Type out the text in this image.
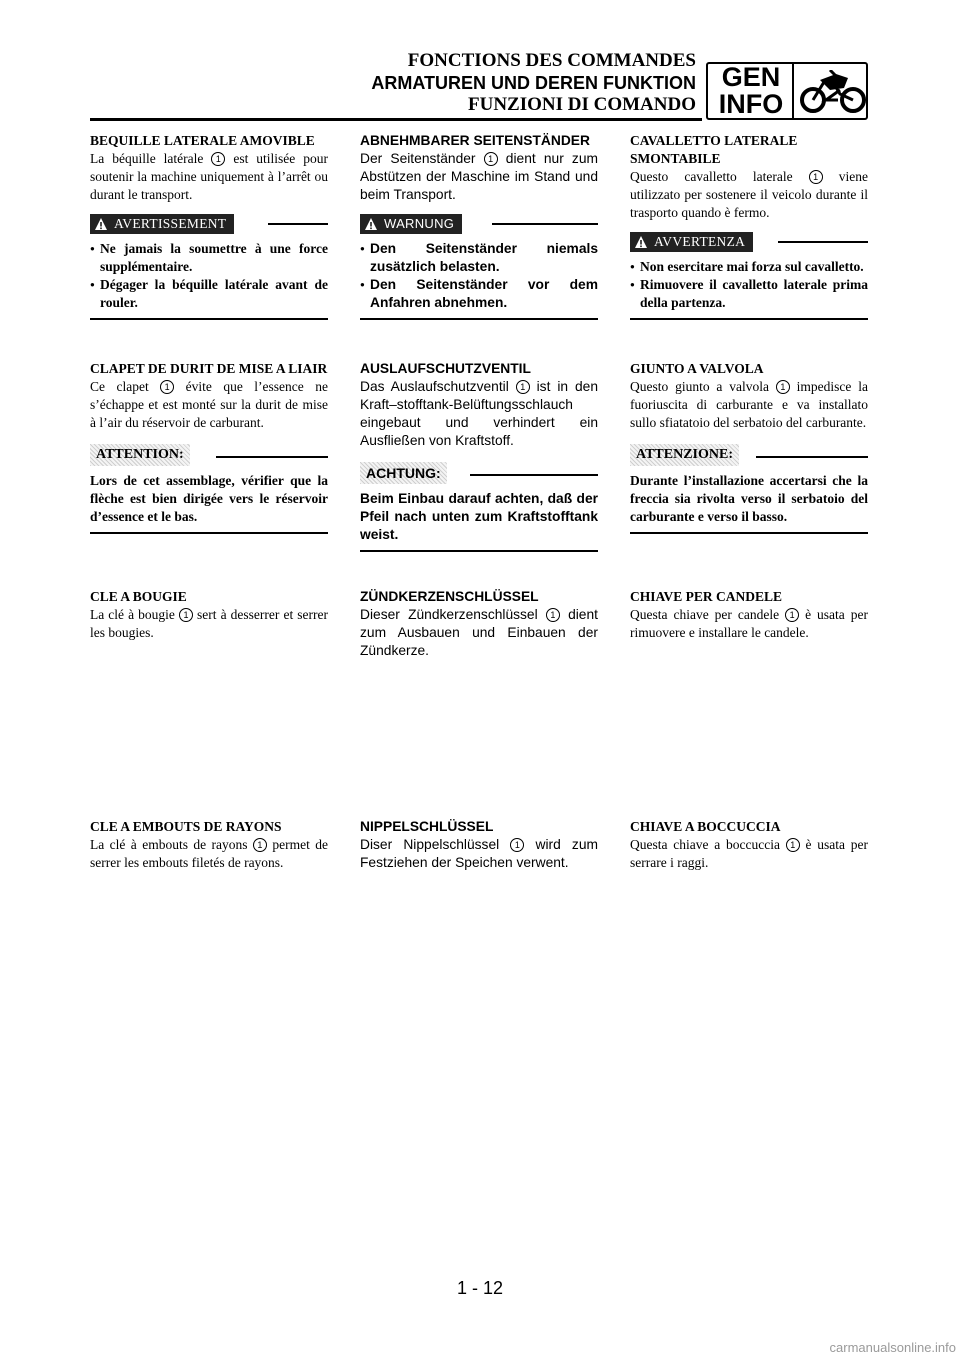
FONCTIONS DES COMMANDES
ARMATUREN UND DEREN FUNKTION
FUNZIONI DI COMANDO
GEN
INFO
BEQUILLE LATERALE AMOVIBLE
La béquille latérale 1 est utilisée pour soutenir la machine uniquement à l’arrêt ou durant le transport.
AVERTISSEMENT
● Ne jamais la soumettre à une force supplémentaire.
● Dégager la béquille latérale avant de rouler.
CLAPET DE DURIT DE MISE A LIAIR
Ce clapet 1 évite que l’essence ne s’échappe et est monté sur la durit de mise à l’air du réservoir de carburant.
ATTENTION:
Lors de cet assemblage, vérifier que la flèche est bien dirigée vers le réservoir d’essence et le bas.
CLE A BOUGIE
La clé à bougie 1 sert à desserrer et serrer les bougies.
CLE A EMBOUTS DE RAYONS
La clé à embouts de rayons 1 permet de serrer les embouts filetés de rayons.
ABNEHMBARER SEITENSTÄNDER
Der Seitenständer 1 dient nur zum Abstützen der Maschine im Stand und beim Transport.
WARNUNG
● Den Seitenständer niemals zusätzlich belasten.
● Den Seitenständer vor dem Anfahren abnehmen.
AUSLAUFSCHUTZVENTIL
Das Auslaufschutzventil 1 ist in den Kraft–stofftank-Belüftungsschlauch eingebaut und verhindert ein Ausfließen von Kraftstoff.
ACHTUNG:
Beim Einbau darauf achten, daß der Pfeil nach unten zum Kraftstofftank weist.
ZÜNDKERZENSCHLÜSSEL
Dieser Zündkerzenschlüssel 1 dient zum Ausbauen und Einbauen der Zündkerze.
NIPPELSCHLÜSSEL
Diser Nippelschlüssel 1 wird zum Festziehen der Speichen verwent.
CAVALLETTO LATERALE SMONTABILE
Questo cavalletto laterale 1 viene utilizzato per sostenere il veicolo durante il trasporto quando è fermo.
AVVERTENZA
● Non esercitare mai forza sul cavalletto.
● Rimuovere il cavalletto laterale prima della partenza.
GIUNTO A VALVOLA
Questo giunto a valvola 1 impedisce la fuoriuscita di carburante e va installato sullo sfiatatoio del serbatoio del carburante.
ATTENZIONE:
Durante l’installazione accertarsi che la freccia sia rivolta verso il serbatoio del carburante e verso il basso.
CHIAVE PER CANDELE
Questa chiave per candele 1 è usata per rimuovere e installare le candele.
CHIAVE A BOCCUCCIA
Questa chiave a boccuccia 1 è usata per serrare i raggi.
1 - 12
carmanualsonline.info
